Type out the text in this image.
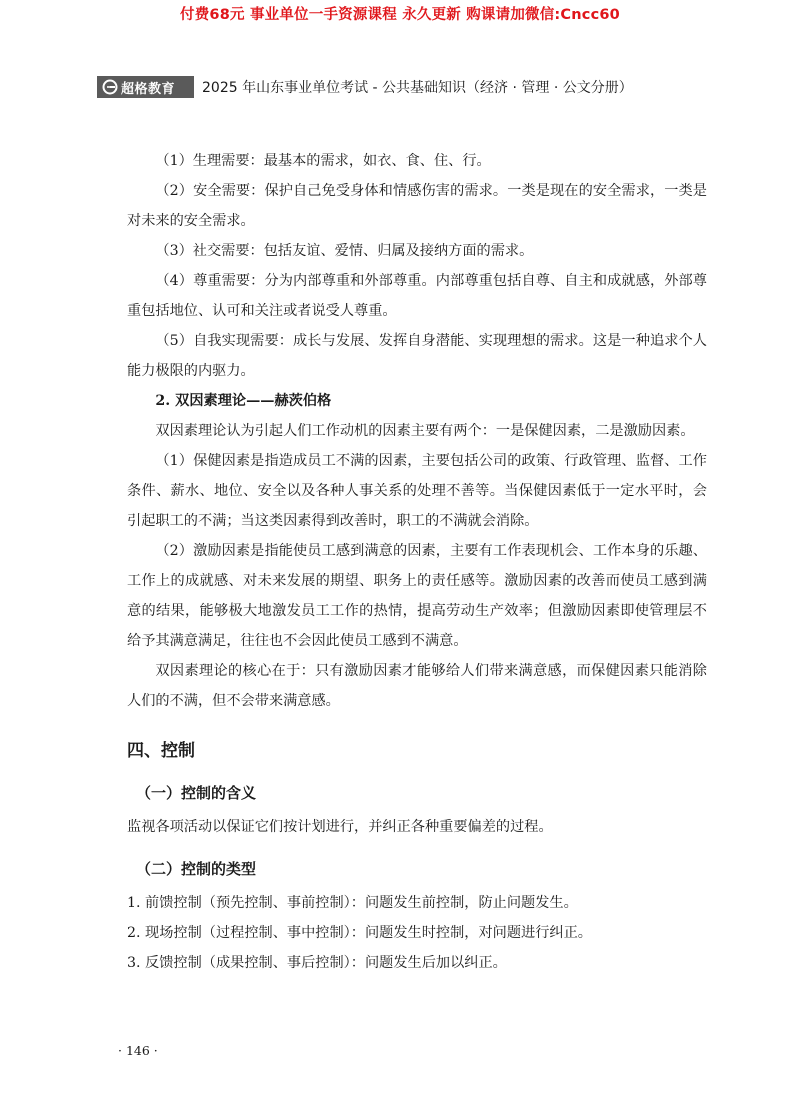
付费68元 事业单位一手资源课程 永久更新 购课请加微信:Cncc60
超格教育 2025 年山东事业单位考试 - 公共基础知识（经济 · 管理 · 公文分册）

（1）生理需要：最基本的需求，如衣、食、住、行。

（2）安全需要：保护自己免受身体和情感伤害的需求。一类是现在的安全需求，一类是对未来的安全需求。

（3）社交需要：包括友谊、爱情、归属及接纳方面的需求。

（4）尊重需要：分为内部尊重和外部尊重。内部尊重包括自尊、自主和成就感，外部尊重包括地位、认可和关注或者说受人尊重。

（5）自我实现需要：成长与发展、发挥自身潜能、实现理想的需求。这是一种追求个人能力极限的内驱力。

2. 双因素理论——赫茨伯格

双因素理论认为引起人们工作动机的因素主要有两个：一是保健因素，二是激励因素。

（1）保健因素是指造成员工不满的因素，主要包括公司的政策、行政管理、监督、工作条件、薪水、地位、安全以及各种人事关系的处理不善等。当保健因素低于一定水平时，会引起职工的不满；当这类因素得到改善时，职工的不满就会消除。

（2）激励因素是指能使员工感到满意的因素，主要有工作表现机会、工作本身的乐趣、工作上的成就感、对未来发展的期望、职务上的责任感等。激励因素的改善而使员工感到满意的结果，能够极大地激发员工工作的热情，提高劳动生产效率；但激励因素即使管理层不给予其满意满足，往往也不会因此使员工感到不满意。

双因素理论的核心在于：只有激励因素才能够给人们带来满意感，而保健因素只能消除人们的不满，但不会带来满意感。

四、控制
（一）控制的含义

监视各项活动以保证它们按计划进行，并纠正各种重要偏差的过程。

（二）控制的类型

1. 前馈控制（预先控制、事前控制）：问题发生前控制，防止问题发生。

2. 现场控制（过程控制、事中控制）：问题发生时控制，对问题进行纠正。

3. 反馈控制（成果控制、事后控制）：问题发生后加以纠正。

· 146 ·
